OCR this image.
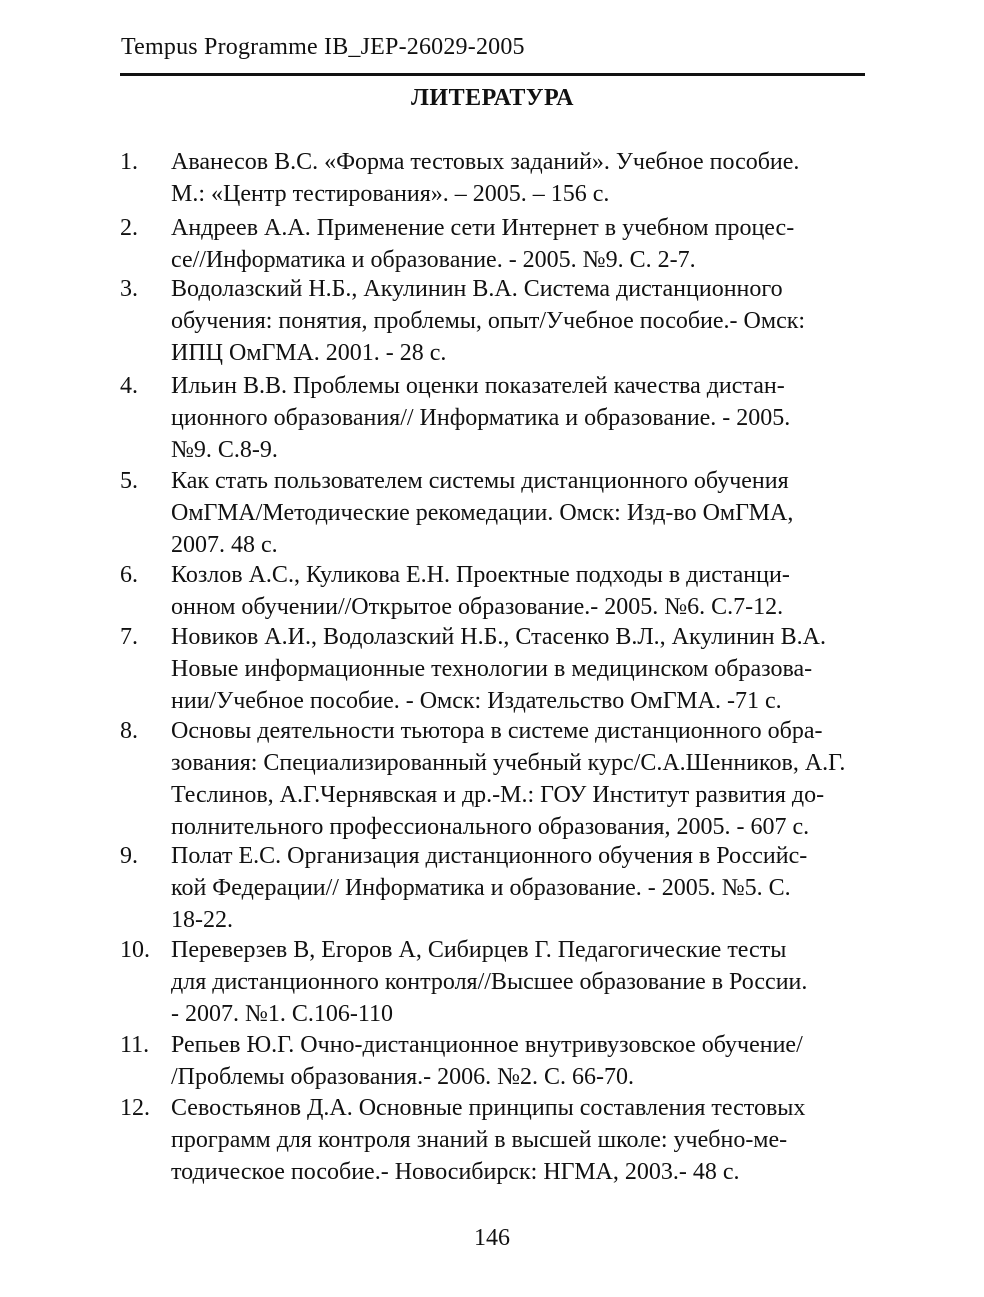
Tempus Programme IB_JEP-26029-2005
ЛИТЕРАТУРА
1. Аванесов В.С. «Форма тестовых заданий». Учебное пособие.
М.: «Центр тестирования». – 2005. – 156 с.
2. Андреев А.А. Применение сети Интернет в учебном процес-
се//Информатика и образование. - 2005. №9. С. 2-7.
3. Водолазский Н.Б., Акулинин В.А. Система дистанционного
обучения: понятия, проблемы, опыт/Учебное пособие.- Омск:
ИПЦ ОмГМА. 2001. - 28 с.
4. Ильин В.В. Проблемы оценки показателей качества дистан-
ционного образования// Информатика и образование. - 2005.
№9. С.8-9.
5. Как стать пользователем системы дистанционного обучения
ОмГМА/Методические рекомедации. Омск: Изд-во ОмГМА,
2007. 48 с.
6. Козлов А.С., Куликова Е.Н. Проектные подходы в дистанци-
онном обучении//Открытое образование.- 2005. №6. С.7-12.
7. Новиков А.И., Водолазский Н.Б., Стасенко В.Л., Акулинин В.А.
Новые информационные технологии в медицинском образова-
нии/Учебное пособие. - Омск: Издательство ОмГМА. -71 с.
8. Основы деятельности тьютора в системе дистанционного обра-
зования: Специализированный учебный курс/С.А.Шенников, А.Г.
Теслинов, А.Г.Чернявская и др.-М.: ГОУ Институт развития до-
полнительного профессионального образования, 2005. - 607 с.
9. Полат Е.С. Организация дистанционного обучения в Российс-
кой Федерации// Информатика и образование. - 2005. №5. С.
18-22.
10. Переверзев В, Егоров А, Сибирцев Г. Педагогические тесты
для дистанционного контроля//Высшее образование в России.
- 2007. №1. С.106-110
11. Репьев Ю.Г. Очно-дистанционное внутривузовское обучение/
/Проблемы образования.- 2006. №2. С. 66-70.
12. Севостьянов Д.А. Основные принципы составления тестовых
программ для контроля знаний в высшей школе: учебно-ме-
тодическое пособие.- Новосибирск: НГМА, 2003.- 48 с.
146
